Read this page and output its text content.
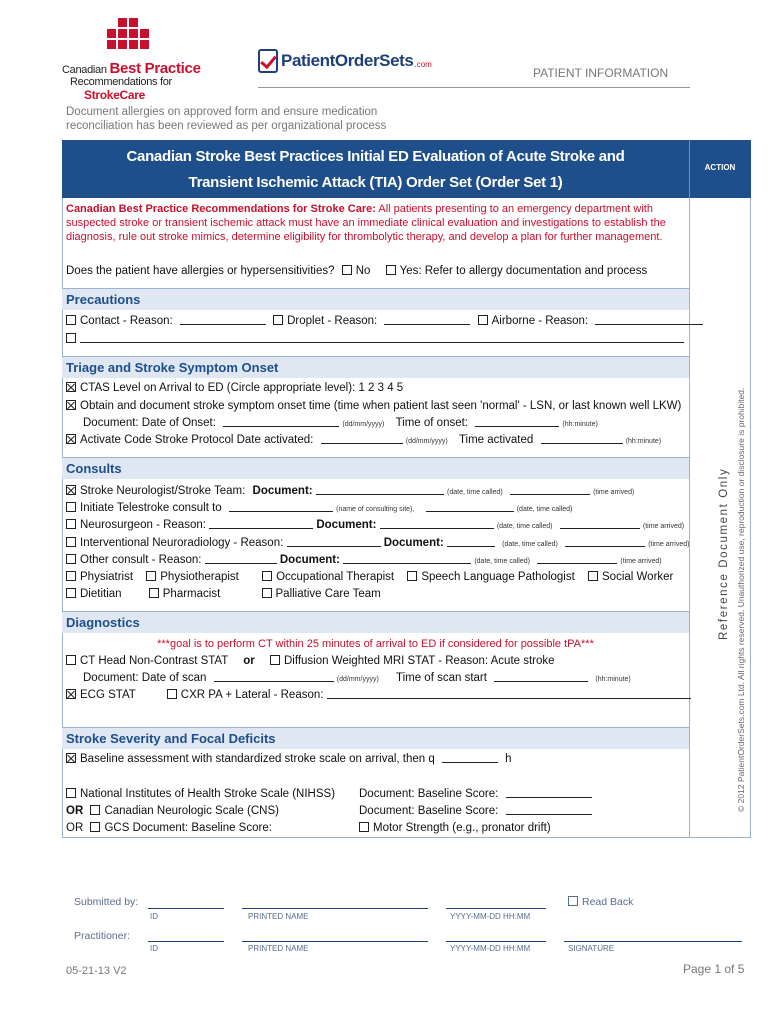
Canadian Best Practice
Recommendations for
StrokeCare
PatientOrderSets .com
PATIENT INFORMATION
Document allergies on approved form and ensure medication reconciliation has been reviewed as per organizational process
ACTION
Canadian Stroke Best Practices Initial ED Evaluation of Acute Stroke and
Transient Ischemic Attack (TIA) Order Set (Order Set 1)
Canadian Best Practice Recommendations for Stroke Care: All patients presenting to an emergency department with suspected stroke or transient ischemic attack must have an immediate clinical evaluation and investigations to establish the diagnosis, rule out stroke mimics, determine eligibility for thrombolytic therapy, and develop a plan for further management.
Does the patient have allergies or hypersensitivities? No	Yes: Refer to allergy documentation and process
Precautions
Contact - Reason:	Droplet - Reason:	Airborne - Reason:
Triage and Stroke Symptom Onset
CTAS Level on Arrival to ED (Circle appropriate level): 1 2 3 4 5
Obtain and document stroke symptom onset time (time when patient last seen 'normal' - LSN, or last known well LKW)
Document: Date of Onset:	(dd/mm/yyyy) Time of onset:	(hh:minute)
Activate Code Stroke Protocol Date activated:	(dd/mm/yyyy) Time activated	(hh:minute)
Consults
Stroke Neurologist/Stroke Team: Document:	(date, time called)	(time arrived)
Initiate Telestroke consult to	(name of consulting site),	(date, time called)
Neurosurgeon - Reason:	Document:	(date, time called)	(time arrived)
Interventional Neuroradiology - Reason:	Document:	(date, time called)	(time arrived)
Other consult - Reason:	Document:	(date, time called)	(time arrived)
Physiatrist Physiotherapist	Occupational Therapist Speech Language Pathologist Social Worker
Dietitian	Pharmacist	Palliative Care Team
Diagnostics
***goal is to perform CT within 25 minutes of arrival to ED if considered for possible tPA***
CT Head Non-Contrast STAT or	Diffusion Weighted MRI STAT - Reason: Acute stroke
Document: Date of scan	(dd/mm/yyyy) Time of scan start	(hh:minute)
ECG STAT	CXR PA + Lateral - Reason:
Stroke Severity and Focal Deficits
Baseline assessment with standardized stroke scale on arrival, then q	h
National Institutes of Health Stroke Scale (NIHSS) Document: Baseline Score:
OR Canadian Neurologic Scale (CNS)	Document: Baseline Score:
OR GCS Document: Baseline Score:	Motor Strength (e.g., pronator drift)
Reference Document Only © 2012 PatientOrderSets.com Ltd. All rights reserved. Unauthorized use, reproduction or disclosure is prohibited.
Submitted by:
ID	PRINTED NAME	YYYY-MM-DD HH:MM
Read Back
Practitioner:
ID	PRINTED NAME	YYYY-MM-DD HH:MM	SIGNATURE
05-21-13 V2	Page 1 of 5
